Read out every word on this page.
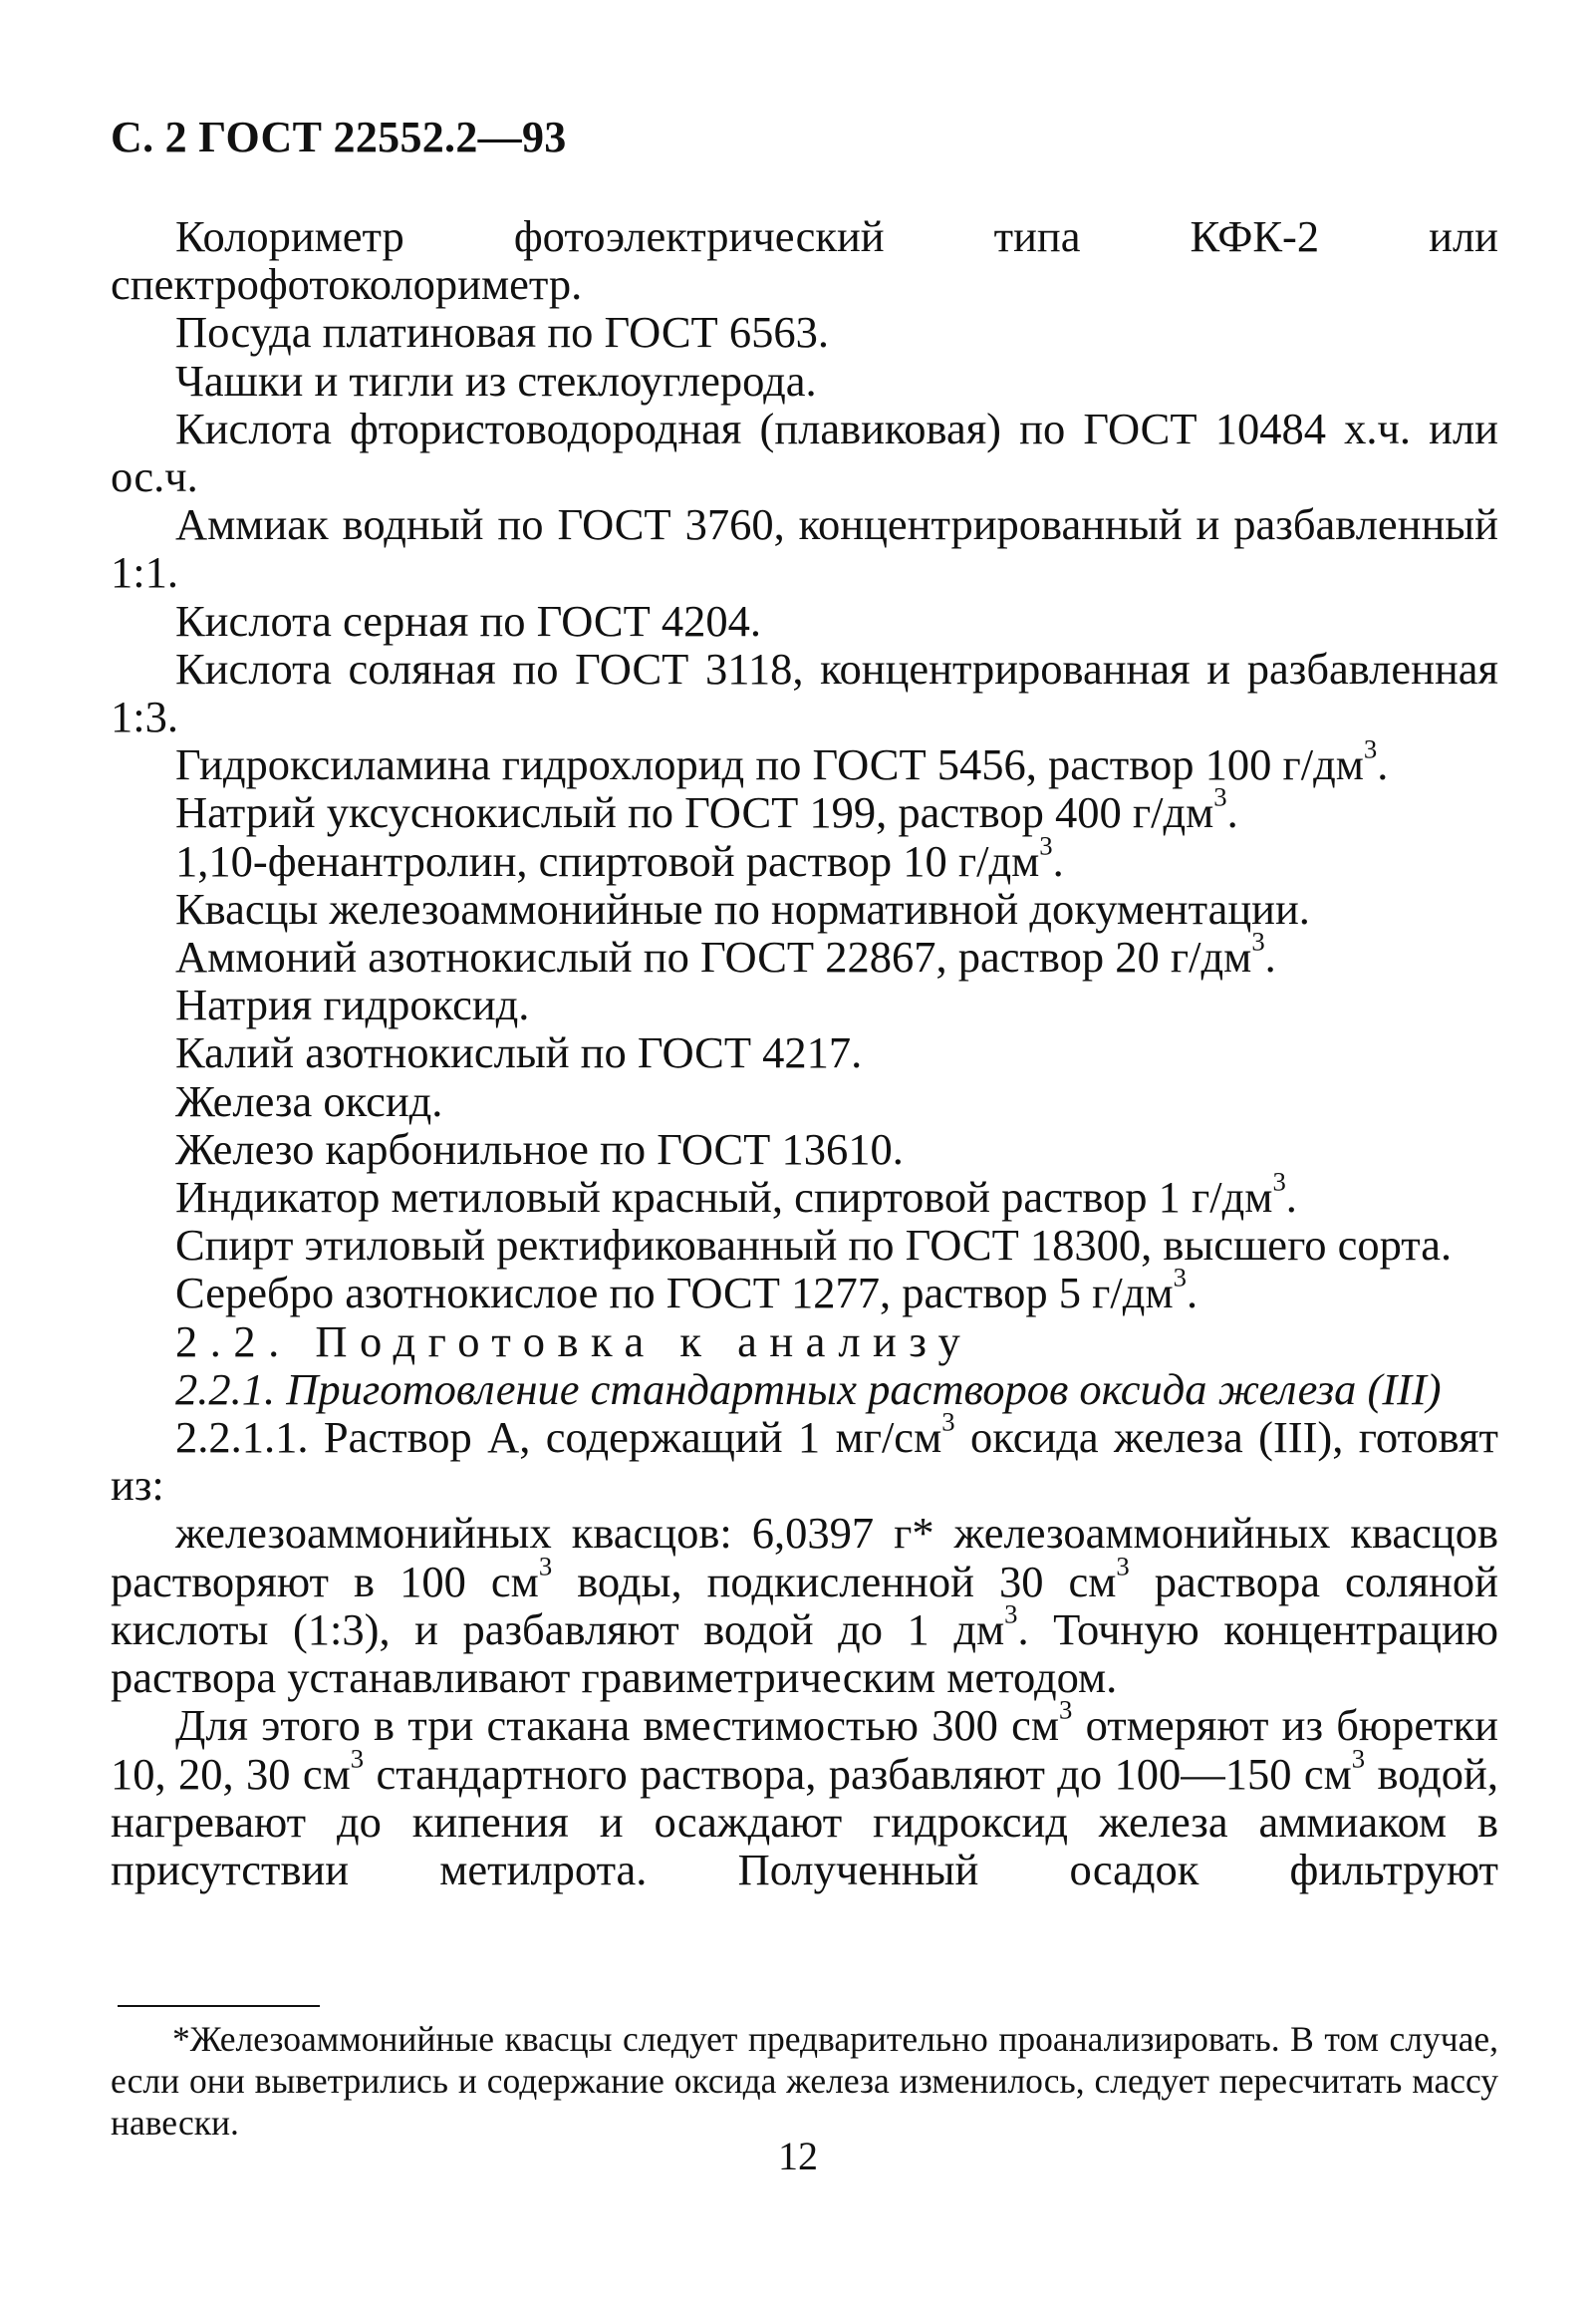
С. 2 ГОСТ 22552.2—93

Колориметр фотоэлектрический типа КФК-2 или спектрофотоколориметр.

Посуда платиновая по ГОСТ 6563.

Чашки и тигли из стеклоуглерода.

Кислота фтористоводородная (плавиковая) по ГОСТ 10484 х.ч. или ос.ч.

Аммиак водный по ГОСТ 3760, концентрированный и разбавленный 1:1.

Кислота серная по ГОСТ 4204.

Кислота соляная по ГОСТ 3118, концентрированная и разбавленная 1:3.

Гидроксиламина гидрохлорид по ГОСТ 5456, раствор 100 $г/дм^3$.

Натрий уксуснокислый по ГОСТ 199, раствор 400 $г/дм^3$.

1,10-фенантролин, спиртовой раствор 10 $г/дм^3$.

Квасцы железоаммонийные по нормативной документации.

Аммоний азотнокислый по ГОСТ 22867, раствор 20 $г/дм^3$.

Натрия гидроксид.

Калий азотнокислый по ГОСТ 4217.

Железа оксид.

Железо карбонильное по ГОСТ 13610.

Индикатор метиловый красный, спиртовой раствор 1 $г/дм^3$.

Спирт этиловый ректификованный по ГОСТ 18300, высшего сорта.

Серебро азотнокислое по ГОСТ 1277, раствор 5 $г/дм^3$.

2.2. Подготовка к анализу

2.2.1. Приготовление стандартных растворов оксида железа (III)

2.2.1.1. Раствор А, содержащий 1 $мг/см^3$ оксида железа (III), готовят из:

железоаммонийных квасцов: 6,0397 г* железоаммонийных квасцов растворяют в 100 $см^3$ воды, подкисленной 30 $см^3$ раствора соляной кислоты (1:3), и разбавляют водой до 1 $дм^3$. Точную концентрацию раствора устанавливают гравиметрическим методом.

Для этого в три стакана вместимостью 300 $см^3$ отмеряют из бюретки 10, 20, 30 $см^3$ стандартного раствора, разбавляют до 100—150 $см^3$ водой, нагревают до кипения и осаждают гидроксид железа аммиаком в присутствии метилрота. Полученный осадок фильтруют

*Железоаммонийные квасцы следует предварительно проанализировать. В том случае, если они выветрились и содержание оксида железа изменилось, следует пересчитать массу навески.

12
